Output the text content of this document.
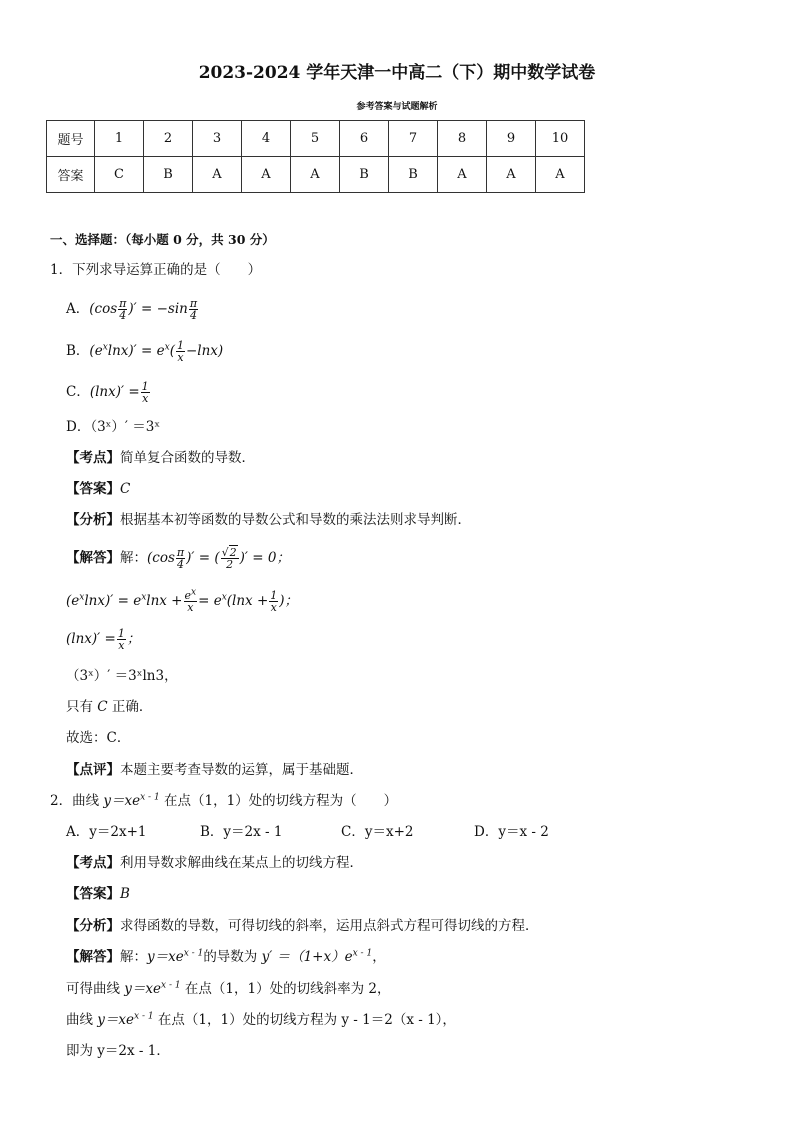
2023-2024 学年天津一中高二（下）期中数学试卷
参考答案与试题解析
题号	1	2	3	4	5	6	7	8	9	10
答案	C	B	A	A	A	B	B	A	A	A
一、选择题：（每小题 0 分，共 30 分）
1．下列求导运算正确的是（　　）
A．($\cos \frac{\pi}{4}$ )′ = $-\sin \frac{\pi}{4}$
B．$(e^x\ln x)' = e^x( \frac{1}{x} -\ln x)$
C．$(\ln x)' = \frac{1}{x}$
D．（3ˣ）′ ＝3ˣ
【考点】简单复合函数的导数．
【答案】C
【分析】根据基本初等函数的导数公式和导数的乘法法则求导判断．
【解答】解：($\cos \frac{\pi}{4}$ )′ = ( $\frac{√2}{2}$ )′ = 0；
$(e^x\ln x)' = e^x\ln x + \frac{e^x}{x} = e^x(\ln x + \frac{1}{x}$ )；
$(\ln x)' = \frac{1}{x}$ ；
（3ˣ）′ ＝3ˣln3，
只有 C 正确．
故选：C．
【点评】本题主要考查导数的运算，属于基础题．
2．曲线 $y=xe^{x - 1}$ 在点（1，1）处的切线方程为（　　）
A．y＝2x+1	B．y＝2x - 1	C．y＝x+2	D．y＝x - 2
【考点】利用导数求解曲线在某点上的切线方程．
【答案】B
【分析】求得函数的导数，可得切线的斜率，运用点斜式方程可得切线的方程．
【解答】解：$y=xe^{x - 1}$的导数为 $y' =(1+x)e^{x - 1}$，
可得曲线 $y=xe^{x - 1}$ 在点（1，1）处的切线斜率为 2，
曲线 $y=xe^{x - 1}$ 在点（1，1）处的切线方程为 y - 1＝2（x - 1），
即为 y＝2x - 1．
